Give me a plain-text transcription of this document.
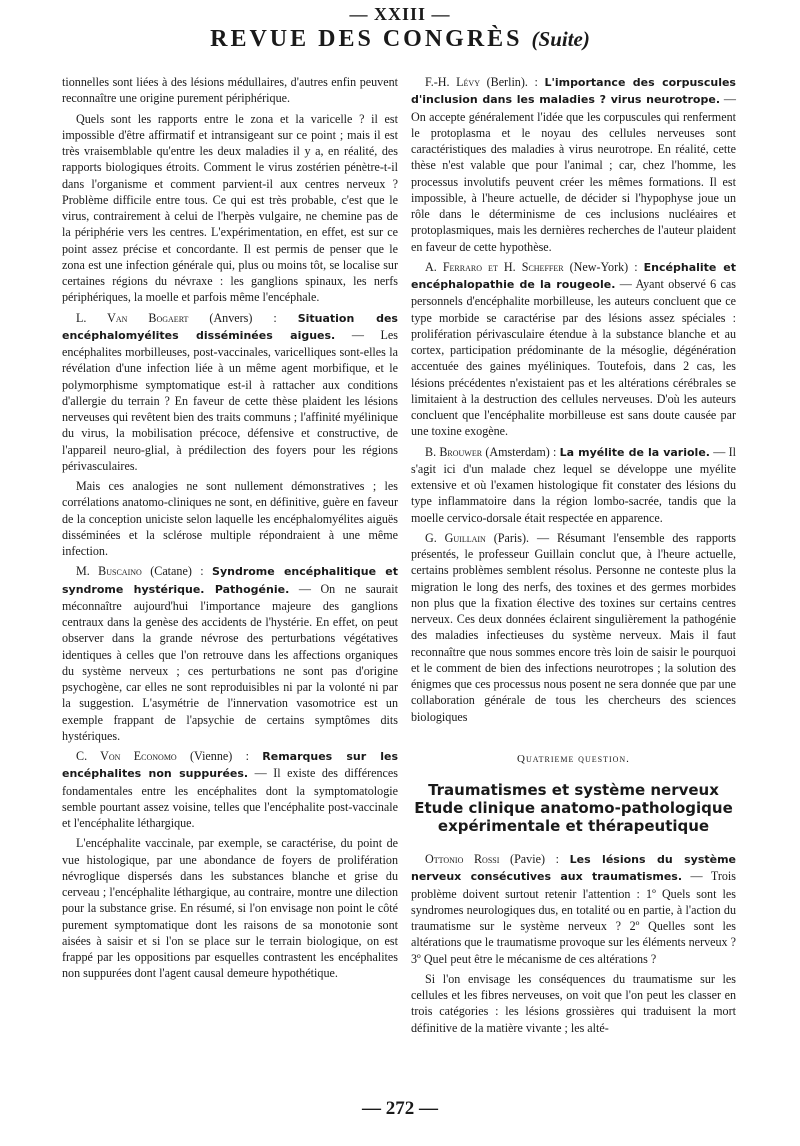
— XXIII —
REVUE DES CONGRÈS (Suite)

tionnelles sont liées à des lésions médullaires, d'autres enfin peuvent reconnaître une origine purement périphérique.

Quels sont les rapports entre le zona et la varicelle ? il est impossible d'être affirmatif et intransigeant sur ce point ; mais il est très vraisemblable qu'entre les deux maladies il y a, en réalité, des rapports biologiques étroits. Comment le virus zostérien pénètre-t-il dans l'organisme et comment parvient-il aux centres nerveux ? Problème difficile entre tous. Ce qui est très probable, c'est que le virus, contrairement à celui de l'herpès vulgaire, ne chemine pas de la périphérie vers les centres. L'expérimentation, en effet, est sur ce point assez précise et concordante. Il est permis de penser que le zona est une infection générale qui, plus ou moins tôt, se localise sur certaines régions du névraxe : les ganglions spinaux, les nerfs périphériques, la moelle et parfois même l'encéphale.

L. Van Bogaert (Anvers) : Situation des encéphalomyélites disséminées aigues. — Les encéphalites morbilleuses, post-vaccinales, varicelliques sont-elles la révélation d'une infection liée à un même agent morbifique, et le polymorphisme symptomatique est-il à rattacher aux conditions d'allergie du terrain ? En faveur de cette thèse plaident les lésions nerveuses qui revêtent bien des traits communs ; l'affinité myélinique du virus, la mobilisation précoce, défensive et constructive, de l'appareil neuro-glial, à prédilection des foyers pour les régions périvasculaires.

Mais ces analogies ne sont nullement démonstratives ; les corrélations anatomo-cliniques ne sont, en définitive, guère en faveur de la conception uniciste selon laquelle les encéphalomyélites aiguës disséminées et la sclérose multiple répondraient à une même infection.

M. Buscaino (Catane) : Syndrome encéphalitique et syndrome hystérique. Pathogénie. — On ne saurait méconnaître aujourd'hui l'importance majeure des ganglions centraux dans la genèse des accidents de l'hystérie. En effet, on peut observer dans la grande névrose des perturbations végétatives identiques à celles que l'on retrouve dans les affections organiques du système nerveux ; ces perturbations ne sont pas d'origine psychogène, car elles ne sont reproduisibles ni par la volonté ni par la suggestion. L'asymétrie de l'innervation vasomotrice est un exemple frappant de l'apsychie de certains symptômes dits hystériques.

C. Von Economo (Vienne) : Remarques sur les encéphalites non suppurées. — Il existe des différences fondamentales entre les encéphalites dont la symptomatologie semble pourtant assez voisine, telles que l'encéphalite post-vaccinale et l'encéphalite léthargique.

L'encéphalite vaccinale, par exemple, se caractérise, du point de vue histologique, par une abondance de foyers de prolifération névroglique dispersés dans les substances blanche et grise du cerveau ; l'encéphalite léthargique, au contraire, montre une dilection pour la substance grise. En résumé, si l'on envisage non point le côté purement symptomatique dont les raisons de sa monotonie sont aisées à saisir et si l'on se place sur le terrain biologique, on est frappé par les oppositions par esquelles contrastent les encéphalites non suppurées dont l'agent causal demeure hypothétique.

F.-H. Lévy (Berlin). : L'importance des corpuscules d'inclusion dans les maladies ? virus neurotrope. — On accepte généralement l'idée que les corpuscules qui renferment le protoplasma et le noyau des cellules nerveuses sont caractéristiques des maladies à virus neurotrope. En réalité, cette thèse n'est valable que pour l'animal ; car, chez l'homme, les processus involutifs peuvent créer les mêmes formations. Il est impossible, à l'heure actuelle, de décider si l'hypophyse joue un rôle dans le déterminisme de ces inclusions nucléaires et protoplasmiques, mais les dernières recherches de l'auteur plaident en faveur de cette hypothèse.

A. Ferraro et H. Scheffer (New-York) : Encéphalite et encéphalopathie de la rougeole. — Ayant observé 6 cas personnels d'encéphalite morbilleuse, les auteurs concluent que ce type morbide se caractérise par des lésions assez spéciales : prolifération périvasculaire étendue à la substance blanche et au cortex, participation prédominante de la mésoglie, dégénération accentuée des gaines myéliniques. Toutefois, dans 2 cas, les lésions précédentes n'existaient pas et les altérations cérébrales se limitaient à la destruction des cellules nerveuses. D'où les auteurs concluent que l'encéphalite morbilleuse est sans doute causée par une toxine exogène.

B. Brouwer (Amsterdam) : La myélite de la variole. — Il s'agit ici d'un malade chez lequel se développe une myélite extensive et où l'examen histologique fit constater des lésions du type inflammatoire dans la région lombo-sacrée, tandis que la moelle cervico-dorsale était respectée en apparence.

G. Guillain (Paris). — Résumant l'ensemble des rapports présentés, le professeur Guillain conclut que, à l'heure actuelle, certains problèmes semblent résolus. Personne ne conteste plus la migration le long des nerfs, des toxines et des germes morbides non plus que la fixation élective des toxines sur certains centres nerveux. Ces deux données éclairent singulièrement la pathogénie des maladies infectieuses du système nerveux. Mais il faut reconnaître que nous sommes encore très loin de saisir le pourquoi et le comment de bien des infections neurotropes ; la solution des énigmes que ces processus nous posent ne sera donnée que par une collaboration générale de tous les chercheurs des sciences biologiques

Quatrieme question.
Traumatismes et système nerveux Etude clinique anatomo-pathologique expérimentale et thérapeutique

Ottonio Rossi (Pavie) : Les lésions du système nerveux consécutives aux traumatismes. — Trois problème doivent surtout retenir l'attention : 1º Quels sont les syndromes neurologiques dus, en totalité ou en partie, à l'action du traumatisme sur le système nerveux ? 2º Quelles sont les altérations que le traumatisme provoque sur les éléments nerveux ? 3º Quel peut être le mécanisme de ces altérations ?

Si l'on envisage les conséquences du traumatisme sur les cellules et les fibres nerveuses, on voit que l'on peut les classer en trois catégories : les lésions grossières qui traduisent la mort définitive de la matière vivante ; les alté-

— 272 —
